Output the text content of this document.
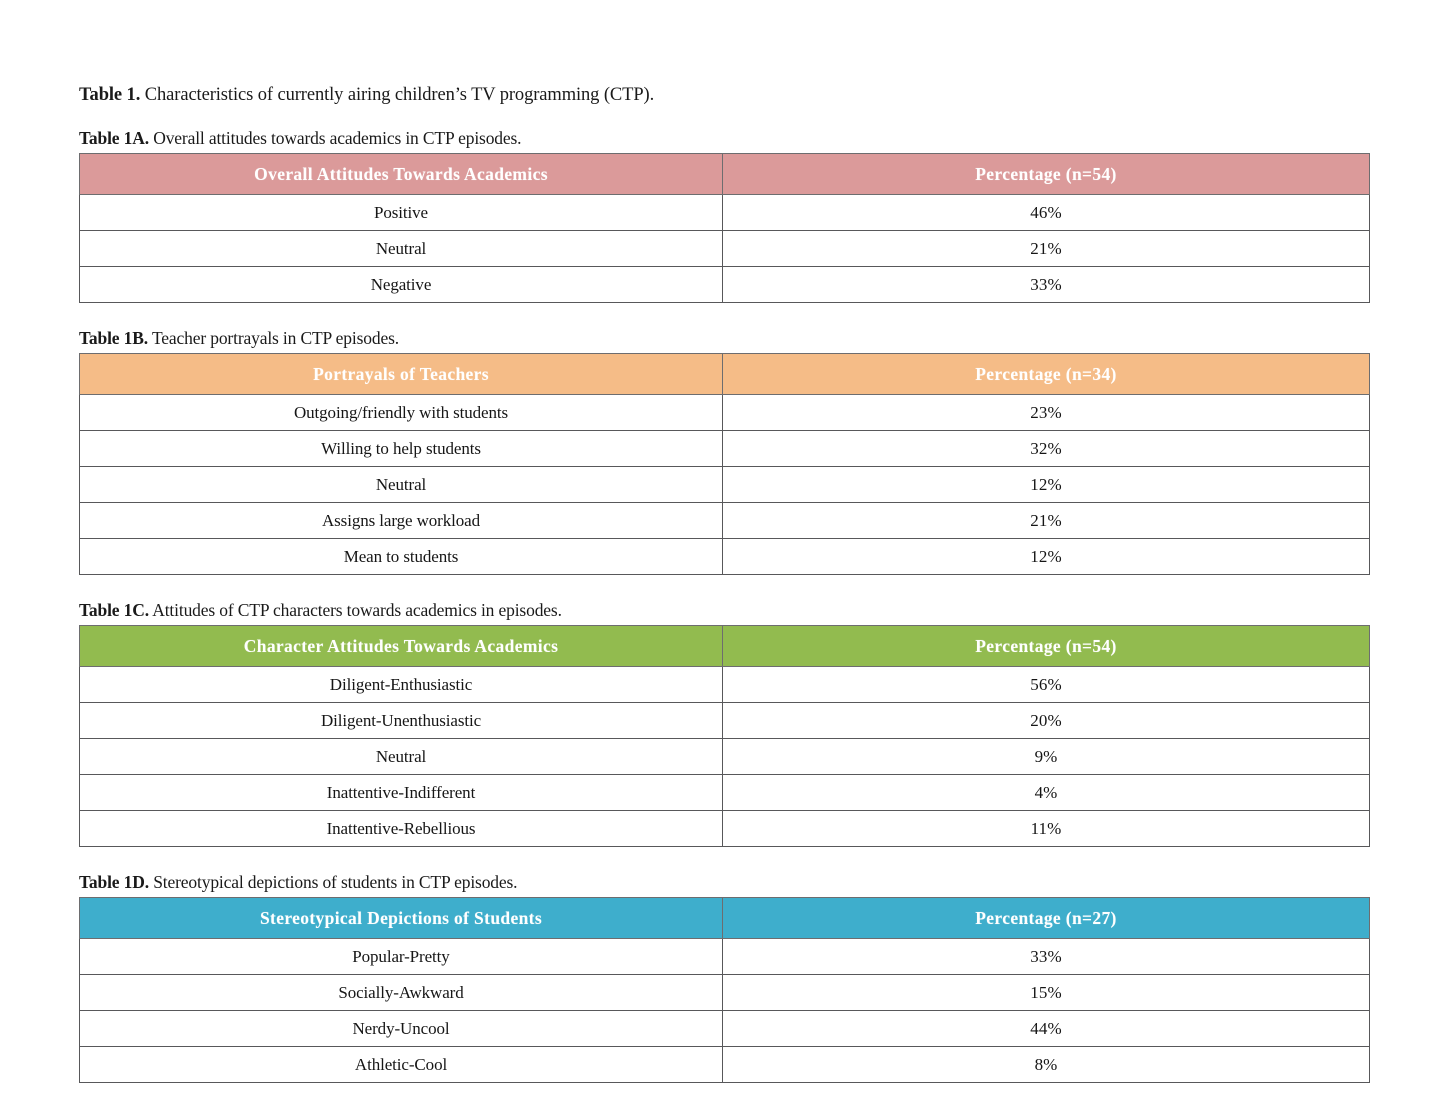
Table 1. Characteristics of currently airing children’s TV programming (CTP).

Table 1A. Overall attitudes towards academics in CTP episodes.

Overall Attitudes Towards Academics	Percentage (n=54)
Positive	46%
Neutral	21%
Negative	33%

Table 1B. Teacher portrayals in CTP episodes.

Portrayals of Teachers	Percentage (n=34)
Outgoing/friendly with students	23%
Willing to help students	32%
Neutral	12%
Assigns large workload	21%
Mean to students	12%

Table 1C. Attitudes of CTP characters towards academics in episodes.

Character Attitudes Towards Academics	Percentage (n=54)
Diligent-Enthusiastic	56%
Diligent-Unenthusiastic	20%
Neutral	9%
Inattentive-Indifferent	4%
Inattentive-Rebellious	11%

Table 1D. Stereotypical depictions of students in CTP episodes.

Stereotypical Depictions of Students	Percentage (n=27)
Popular-Pretty	33%
Socially-Awkward	15%
Nerdy-Uncool	44%
Athletic-Cool	8%
